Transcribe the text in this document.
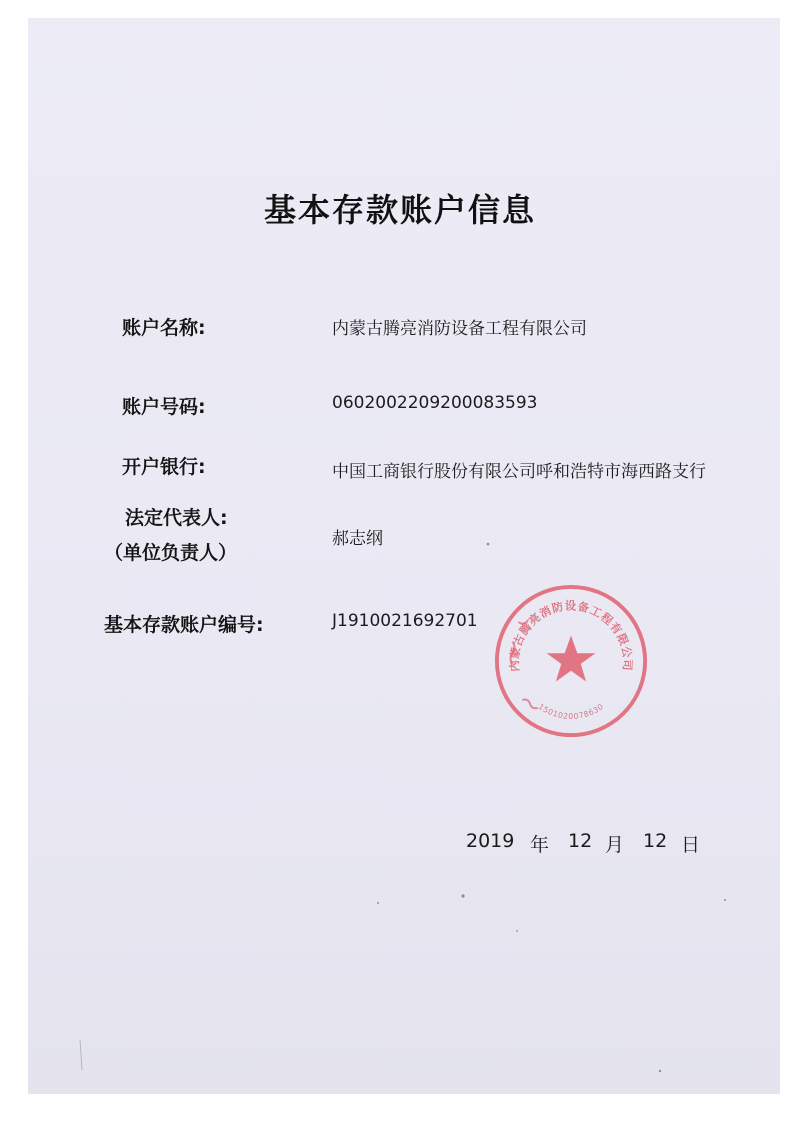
基本存款账户信息
账户名称:	内蒙古腾亮消防设备工程有限公司
账户号码:	0602002209200083593
开户银行:	中国工商银行股份有限公司呼和浩特市海西路支行
法定代表人:
（单位负责人）
郝志纲
基本存款账户编号:	J1910021692701
内蒙古腾亮消防设备工程有限公司
1501020078630
2019 年 12 月 12 日
